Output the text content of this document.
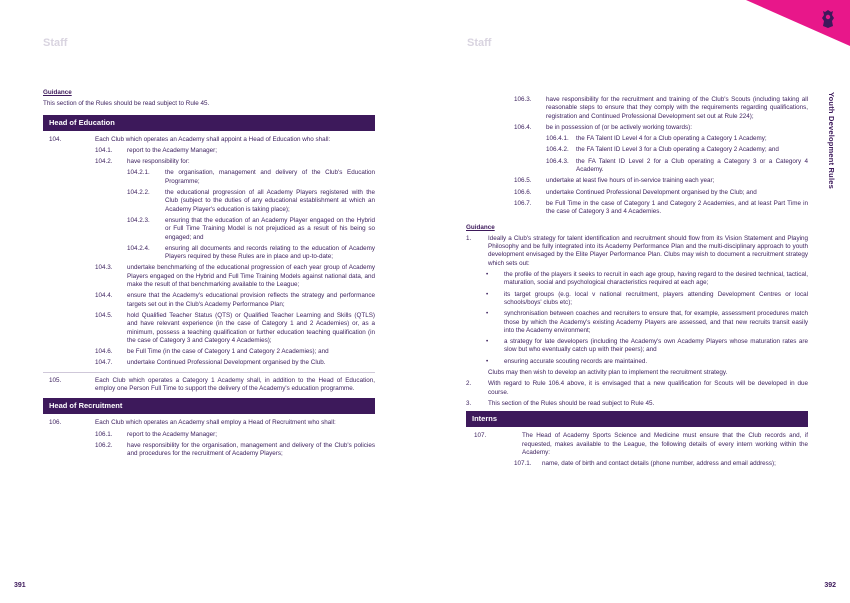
Staff	Staff
Youth Development Rules
Guidance
This section of the Rules should be read subject to Rule 45.
Head of Education
104.	Each Club which operates an Academy shall appoint a Head of Education who shall:
104.1.	report to the Academy Manager;
104.2.	have responsibility for:
104.2.1.	the organisation, management and delivery of the Club's Education Programme;
104.2.2.	the educational progression of all Academy Players registered with the Club (subject to the duties of any educational establishment at which an Academy Player's education is taking place);
104.2.3.	ensuring that the education of an Academy Player engaged on the Hybrid or Full Time Training Model is not prejudiced as a result of his being so engaged; and
104.2.4.	ensuring all documents and records relating to the education of Academy Players required by these Rules are in place and up-to-date;
104.3.	undertake benchmarking of the educational progression of each year group of Academy Players engaged on the Hybrid and Full Time Training Models against national data, and make the result of that benchmarking available to the League;
104.4.	ensure that the Academy's educational provision reflects the strategy and performance targets set out in the Club's Academy Performance Plan;
104.5.	hold Qualified Teacher Status (QTS) or Qualified Teacher Learning and Skills (QTLS) and have relevant experience (in the case of Category 1 and 2 Academies) or, as a minimum, possess a teaching qualification or further education teaching qualification (in the case of Category 3 and Category 4 Academies);
104.6.	be Full Time (in the case of Category 1 and Category 2 Academies); and
104.7.	undertake Continued Professional Development organised by the Club.
105.	Each Club which operates a Category 1 Academy shall, in addition to the Head of Education, employ one Person Full Time to support the delivery of the Academy's education programme.
Head of Recruitment
106.	Each Club which operates an Academy shall employ a Head of Recruitment who shall:
106.1.	report to the Academy Manager;
106.2.	have responsibility for the organisation, management and delivery of the Club's policies and procedures for the recruitment of Academy Players;
106.3.	have responsibility for the recruitment and training of the Club's Scouts (including taking all reasonable steps to ensure that they comply with the requirements regarding qualifications, registration and Continued Professional Development set out at Rule 224);
106.4.	be in possession of (or be actively working towards):
106.4.1.	the FA Talent ID Level 4 for a Club operating a Category 1 Academy;
106.4.2.	the FA Talent ID Level 3 for a Club operating a Category 2 Academy; and
106.4.3.	the FA Talent ID Level 2 for a Club operating a Category 3 or a Category 4 Academy.
106.5.	undertake at least five hours of in-service training each year;
106.6.	undertake Continued Professional Development organised by the Club; and
106.7.	be Full Time in the case of Category 1 and Category 2 Academies, and at least Part Time in the case of Category 3 and 4 Academies.
Guidance
1.	Ideally a Club's strategy for talent identification and recruitment should flow from its Vision Statement and Playing Philosophy and be fully integrated into its Academy Performance Plan and the multi-disciplinary approach to youth development envisaged by the Elite Player Performance Plan. Clubs may wish to document a recruitment strategy which sets out:
•	the profile of the players it seeks to recruit in each age group, having regard to the desired technical, tactical, maturation, social and psychological characteristics required at each age;
•	its target groups (e.g. local v national recruitment, players attending Development Centres or local schools/boys' clubs etc);
•	synchronisation between coaches and recruiters to ensure that, for example, assessment procedures match those by which the Academy's existing Academy Players are assessed, and that new recruits transit easily into the Academy environment;
•	a strategy for late developers (including the Academy's own Academy Players whose maturation rates are slow but who eventually catch up with their peers); and
•	ensuring accurate scouting records are maintained.
Clubs may then wish to develop an activity plan to implement the recruitment strategy.
2.	With regard to Rule 106.4 above, it is envisaged that a new qualification for Scouts will be developed in due course.
3.	This section of the Rules should be read subject to Rule 45.
Interns
107.	The Head of Academy Sports Science and Medicine must ensure that the Club records and, if requested, makes available to the League, the following details of every intern working within the Academy:
107.1.	name, date of birth and contact details (phone number, address and email address);
391	392
